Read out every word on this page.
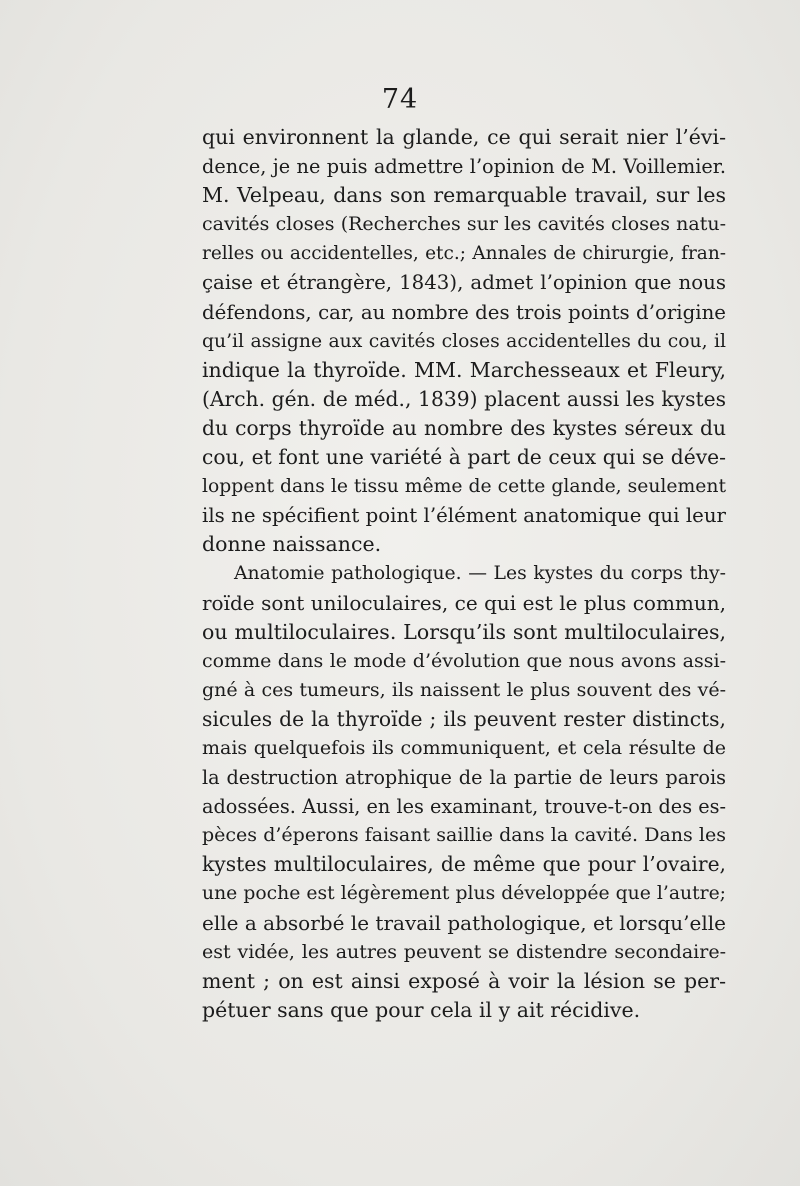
74
qui environnent la glande, ce qui serait nier l’évi-
dence, je ne puis admettre l’opinion de M. Voillemier.
M. Velpeau, dans son remarquable travail, sur les
cavités closes (Recherches sur les cavités closes natu-
relles ou accidentelles, etc.; Annales de chirurgie, fran-
çaise et étrangère, 1843), admet l’opinion que nous
défendons, car, au nombre des trois points d’origine
qu’il assigne aux cavités closes accidentelles du cou, il
indique la thyroïde. MM. Marchesseaux et Fleury,
(Arch. gén. de méd., 1839) placent aussi les kystes
du corps thyroïde au nombre des kystes séreux du
cou, et font une variété à part de ceux qui se déve-
loppent dans le tissu même de cette glande, seulement
ils ne spécifient point l’élément anatomique qui leur
donne naissance.
Anatomie pathologique. — Les kystes du corps thy-
roïde sont uniloculaires, ce qui est le plus commun,
ou multiloculaires. Lorsqu’ils sont multiloculaires,
comme dans le mode d’évolution que nous avons assi-
gné à ces tumeurs, ils naissent le plus souvent des vé-
sicules de la thyroïde ; ils peuvent rester distincts,
mais quelquefois ils communiquent, et cela résulte de
la destruction atrophique de la partie de leurs parois
adossées. Aussi, en les examinant, trouve-t-on des es-
pèces d’éperons faisant saillie dans la cavité. Dans les
kystes multiloculaires, de même que pour l’ovaire,
une poche est légèrement plus développée que l’autre;
elle a absorbé le travail pathologique, et lorsqu’elle
est vidée, les autres peuvent se distendre secondaire-
ment ; on est ainsi exposé à voir la lésion se per-
pétuer sans que pour cela il y ait récidive.
